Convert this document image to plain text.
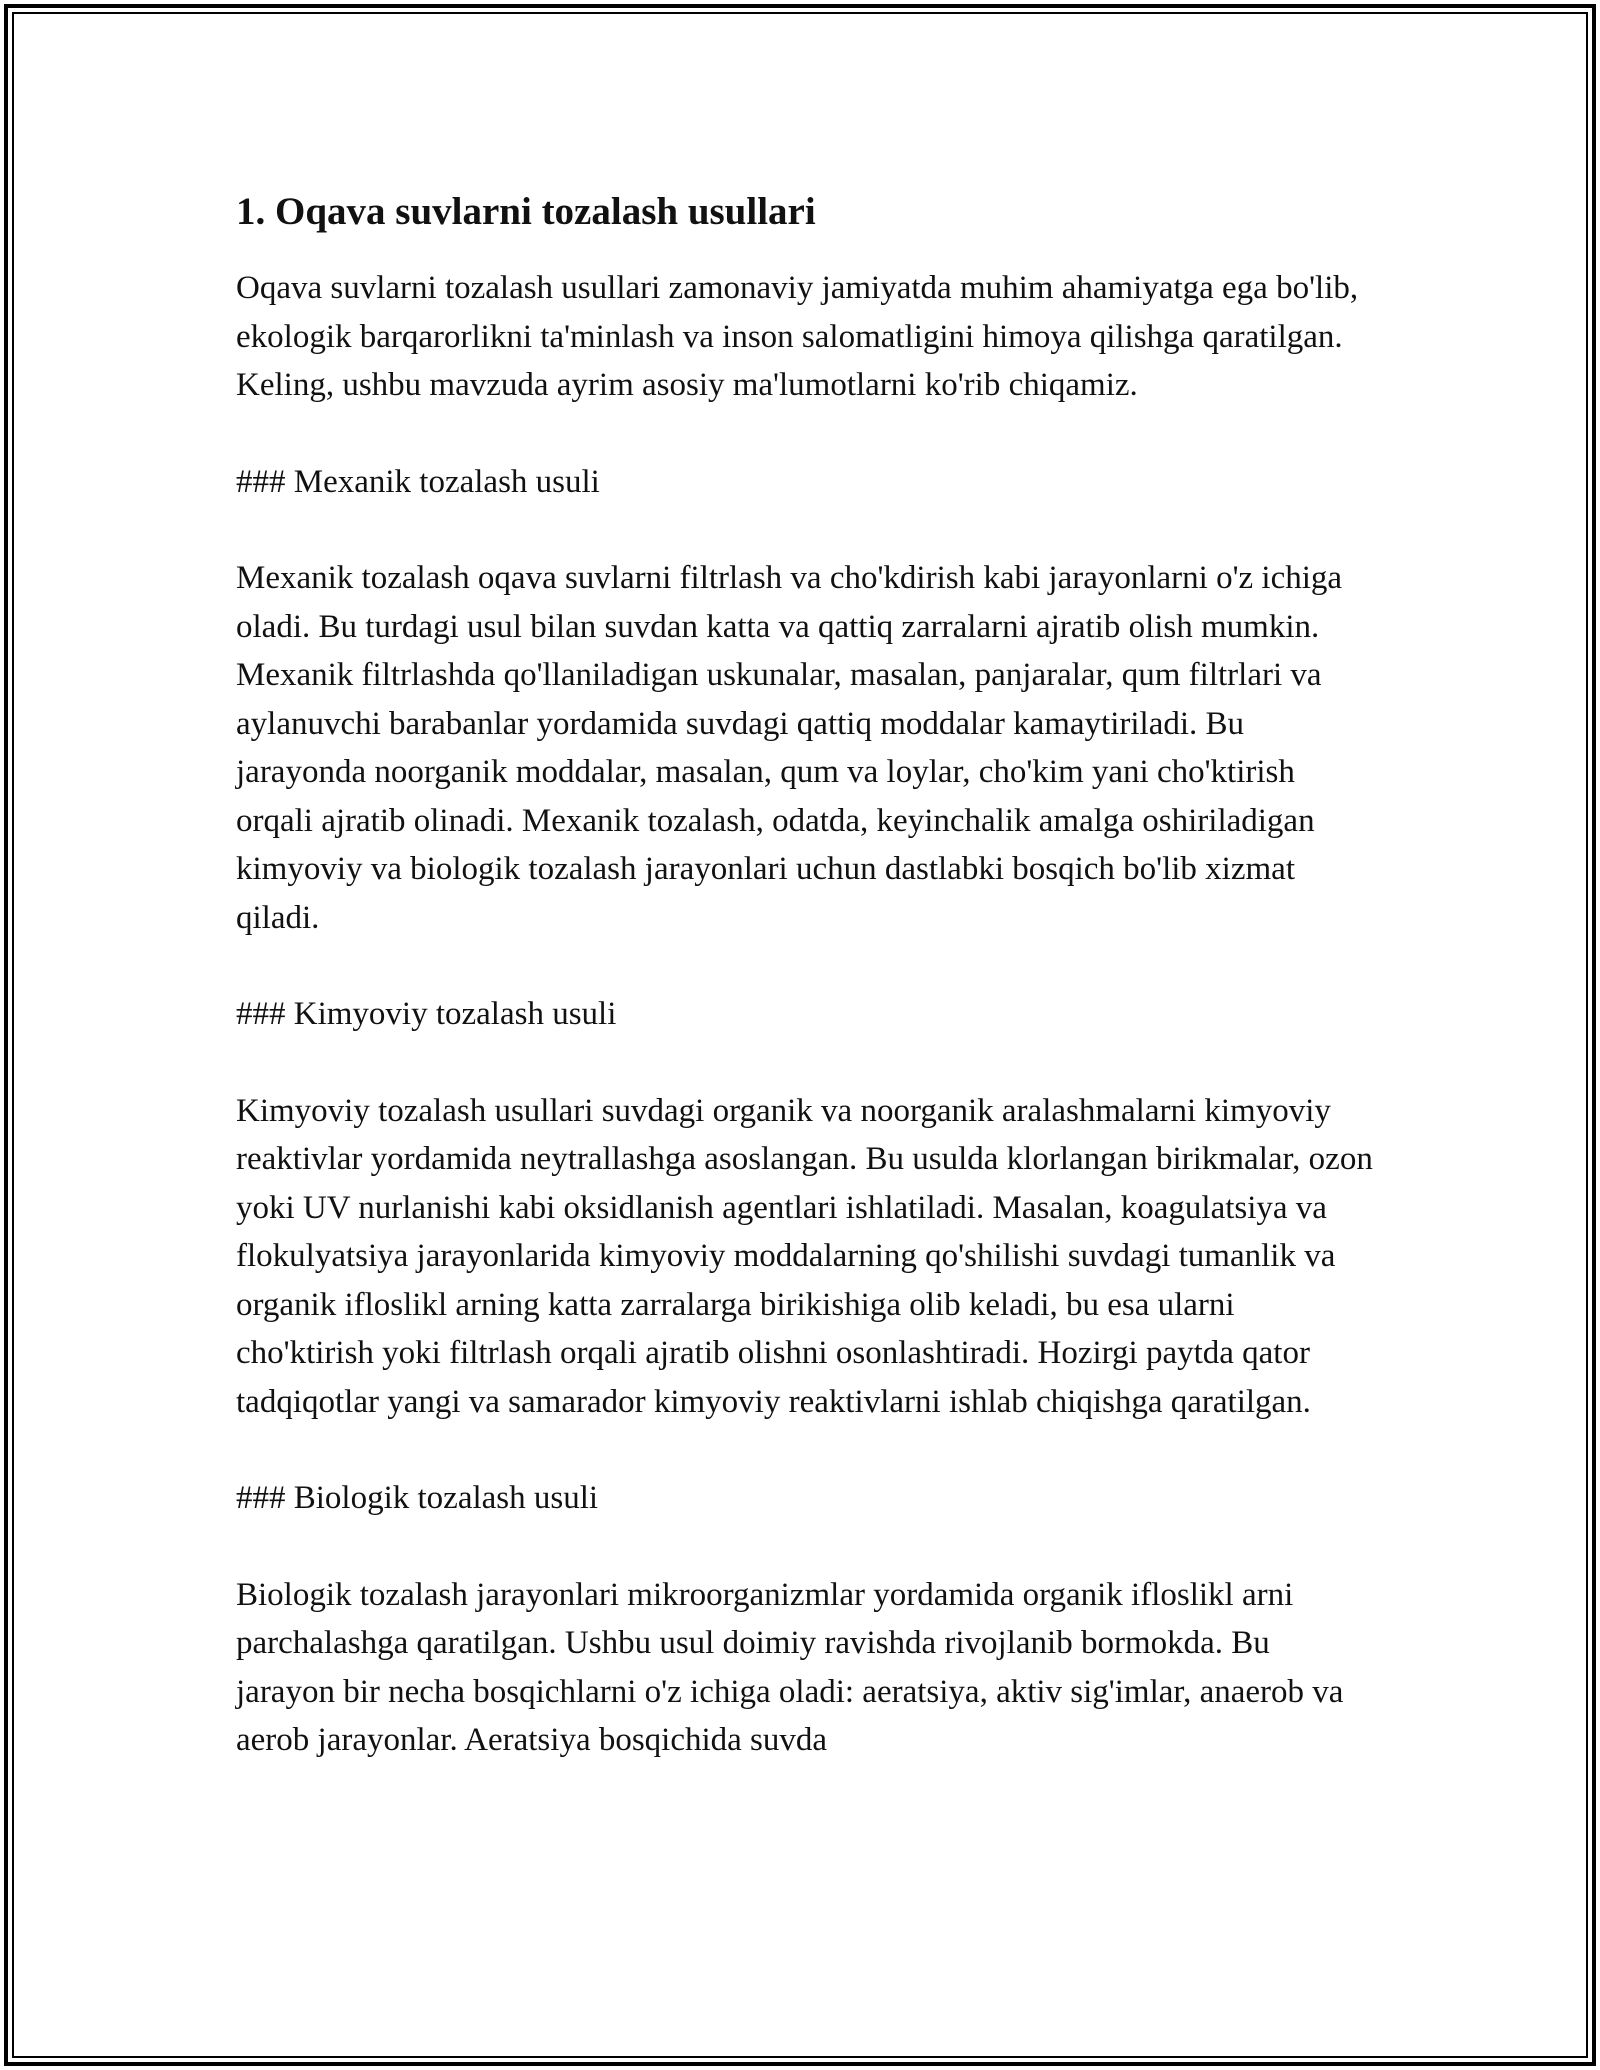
1. Oqava suvlarni tozalash usullari

Oqava suvlarni tozalash usullari zamonaviy jamiyatda muhim ahamiyatga ega bo'lib, ekologik barqarorlikni ta'minlash va inson salomatligini himoya qilishga qaratilgan. Keling, ushbu mavzuda ayrim asosiy ma'lumotlarni ko'rib chiqamiz.

### Mexanik tozalash usuli

Mexanik tozalash oqava suvlarni filtrlash va cho'kdirish kabi jarayonlarni o'z ichiga oladi. Bu turdagi usul bilan suvdan katta va qattiq zarralarni ajratib olish mumkin. Mexanik filtrlashda qo'llaniladigan uskunalar, masalan, panjaralar, qum filtrlari va aylanuvchi barabanlar yordamida suvdagi qattiq moddalar kamaytiriladi. Bu jarayonda noorganik moddalar, masalan, qum va loylar, cho'kim yani cho'ktirish orqali ajratib olinadi. Mexanik tozalash, odatda, keyinchalik amalga oshiriladigan kimyoviy va biologik tozalash jarayonlari uchun dastlabki bosqich bo'lib xizmat qiladi.

### Kimyoviy tozalash usuli

Kimyoviy tozalash usullari suvdagi organik va noorganik aralashmalarni kimyoviy reaktivlar yordamida neytrallashga asoslangan. Bu usulda klorlangan birikmalar, ozon yoki UV nurlanishi kabi oksidlanish agentlari ishlatiladi. Masalan, koagulatsiya va flokulyatsiya jarayonlarida kimyoviy moddalarning qo'shilishi suvdagi tumanlik va organik ifloslikl arning katta zarralarga birikishiga olib keladi, bu esa ularni cho'ktirish yoki filtrlash orqali ajratib olishni osonlashtiradi. Hozirgi paytda qator tadqiqotlar yangi va samarador kimyoviy reaktivlarni ishlab chiqishga qaratilgan.

### Biologik tozalash usuli

Biologik tozalash jarayonlari mikroorganizmlar yordamida organik ifloslikl arni parchalashga qaratilgan. Ushbu usul doimiy ravishda rivojlanib bormokda. Bu jarayon bir necha bosqichlarni o'z ichiga oladi: aeratsiya, aktiv sig'imlar, anaerob va aerob jarayonlar. Aeratsiya bosqichida suvda
